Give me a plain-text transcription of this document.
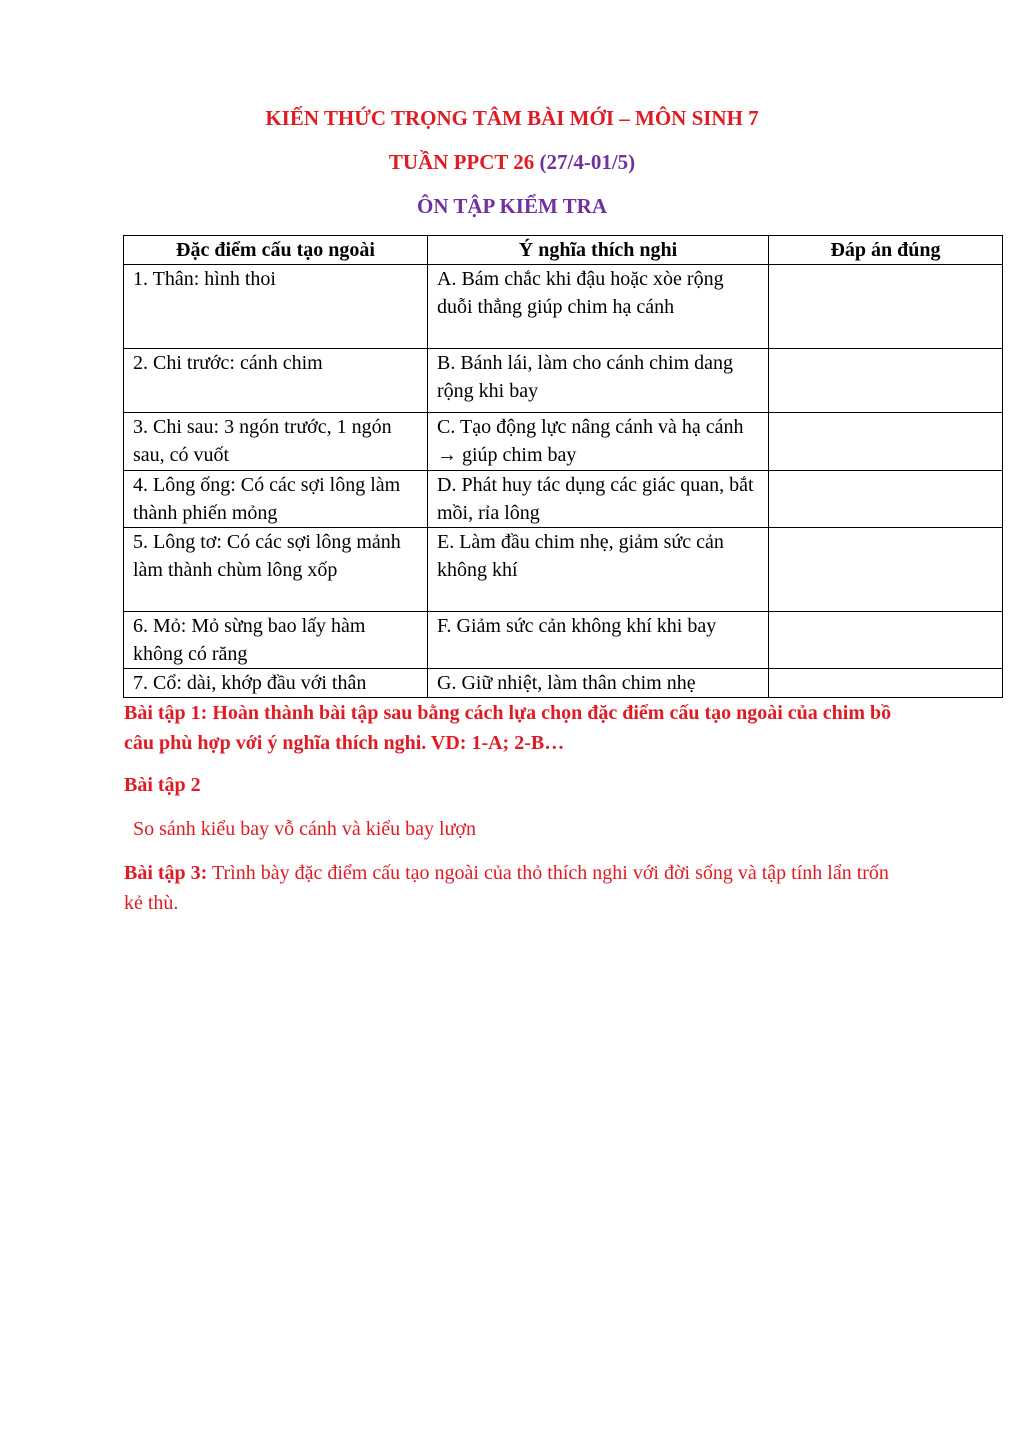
KIẾN THỨC TRỌNG TÂM BÀI MỚI – MÔN SINH 7

TUẦN PPCT 26 (27/4-01/5)

ÔN TẬP KIỂM TRA

Đặc điểm cấu tạo ngoài	Ý nghĩa thích nghi	Đáp án đúng
1. Thân: hình thoi	A. Bám chắc khi đậu hoặc xòe rộng duỗi thẳng giúp chim hạ cánh	
2. Chi trước: cánh chim	B. Bánh lái, làm cho cánh chim dang rộng khi bay	
3. Chi sau: 3 ngón trước, 1 ngón sau, có vuốt	C. Tạo động lực nâng cánh và hạ cánh → giúp chim bay	
4. Lông ống: Có các sợi lông làm thành phiến mỏng	D. Phát huy tác dụng các giác quan, bắt mồi, rỉa lông	
5. Lông tơ: Có các sợi lông mảnh làm thành chùm lông xốp	E. Làm đầu chim nhẹ, giảm sức cản không khí	
6. Mỏ: Mỏ sừng bao lấy hàm không có răng	F. Giảm sức cản không khí khi bay	
7. Cổ: dài, khớp đầu với thân	G. Giữ nhiệt, làm thân chim nhẹ	

Bài tập 1: Hoàn thành bài tập sau bằng cách lựa chọn đặc điểm cấu tạo ngoài của chim bồ câu phù hợp với ý nghĩa thích nghi. VD: 1-A; 2-B…

Bài tập 2

So sánh kiểu bay vỗ cánh và kiểu bay lượn

Bài tập 3: Trình bày đặc điểm cấu tạo ngoài của thỏ thích nghi với đời sống và tập tính lẩn trốn kẻ thù.
